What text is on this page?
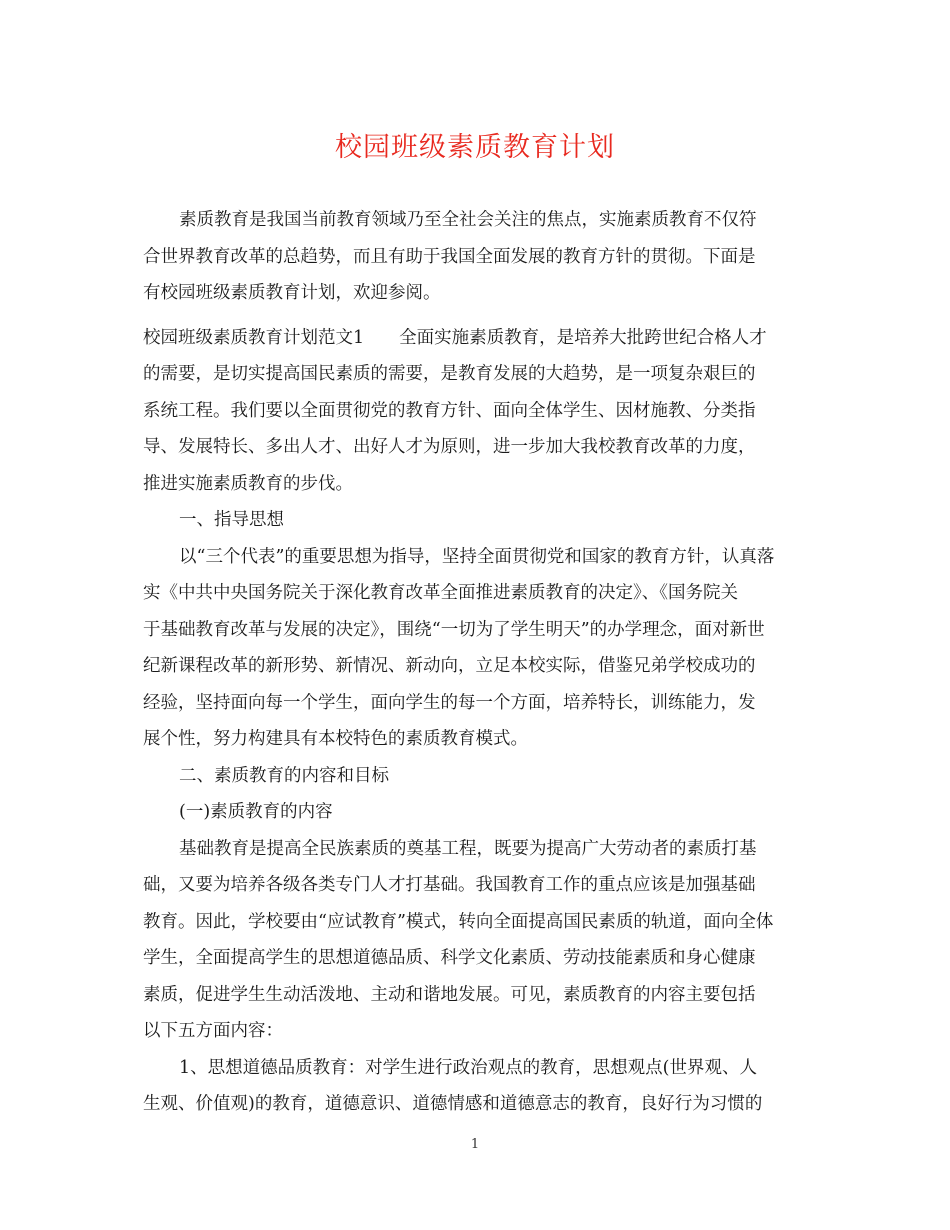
校园班级素质教育计划
素质教育是我国当前教育领域乃至全社会关注的焦点，实施素质教育不仅符
合世界教育改革的总趋势，而且有助于我国全面发展的教育方针的贯彻。下面是
有校园班级素质教育计划，欢迎参阅。
校园班级素质教育计划范文1　　全面实施素质教育，是培养大批跨世纪合格人才
的需要，是切实提高国民素质的需要，是教育发展的大趋势，是一项复杂艰巨的
系统工程。我们要以全面贯彻党的教育方针、面向全体学生、因材施教、分类指
导、发展特长、多出人才、出好人才为原则，进一步加大我校教育改革的力度，
推进实施素质教育的步伐。
一、指导思想
以“三个代表”的重要思想为指导，坚持全面贯彻党和国家的教育方针，认真落
实《中共中央国务院关于深化教育改革全面推进素质教育的决定》、《国务院关
于基础教育改革与发展的决定》，围绕“一切为了学生明天”的办学理念，面对新世
纪新课程改革的新形势、新情况、新动向，立足本校实际，借鉴兄弟学校成功的
经验，坚持面向每一个学生，面向学生的每一个方面，培养特长，训练能力，发
展个性，努力构建具有本校特色的素质教育模式。
二、素质教育的内容和目标
(一)素质教育的内容
基础教育是提高全民族素质的奠基工程，既要为提高广大劳动者的素质打基
础，又要为培养各级各类专门人才打基础。我国教育工作的重点应该是加强基础
教育。因此，学校要由“应试教育”模式，转向全面提高国民素质的轨道，面向全体
学生，全面提高学生的思想道德品质、科学文化素质、劳动技能素质和身心健康
素质，促进学生生动活泼地、主动和谐地发展。可见，素质教育的内容主要包括
以下五方面内容：
1、思想道德品质教育：对学生进行政治观点的教育，思想观点(世界观、人
生观、价值观)的教育，道德意识、道德情感和道德意志的教育，良好行为习惯的
1
